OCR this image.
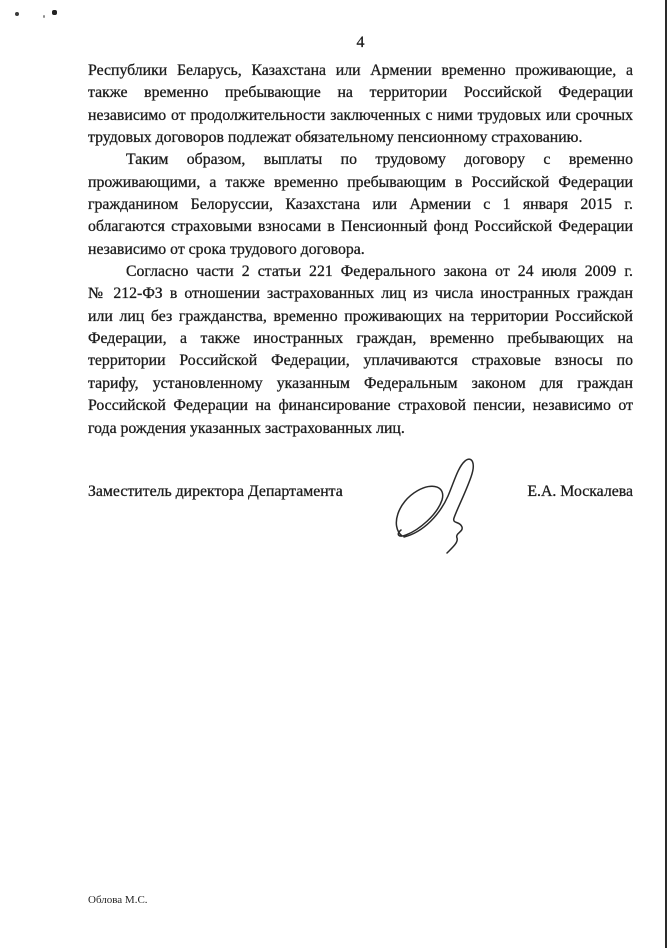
4
Республики Беларусь, Казахстана или Армении временно проживающие, а
также временно пребывающие на территории Российской Федерации
независимо от продолжительности заключенных с ними трудовых или срочных
трудовых договоров подлежат обязательному пенсионному страхованию.
Таким образом, выплаты по трудовому договору с временно
проживающими, а также временно пребывающим в Российской Федерации
гражданином Белоруссии, Казахстана или Армении с 1 января 2015 г.
облагаются страховыми взносами в Пенсионный фонд Российской Федерации
независимо от срока трудового договора.
Согласно части 2 статьи 221 Федерального закона от 24 июля 2009 г.
№ 212-ФЗ в отношении застрахованных лиц из числа иностранных граждан
или лиц без гражданства, временно проживающих на территории Российской
Федерации, а также иностранных граждан, временно пребывающих на
территории Российской Федерации, уплачиваются страховые взносы по
тарифу, установленному указанным Федеральным законом для граждан
Российской Федерации на финансирование страховой пенсии, независимо от
года рождения указанных застрахованных лиц.
Заместитель директора Департамента	Е.А. Москалева
Облова М.С.
